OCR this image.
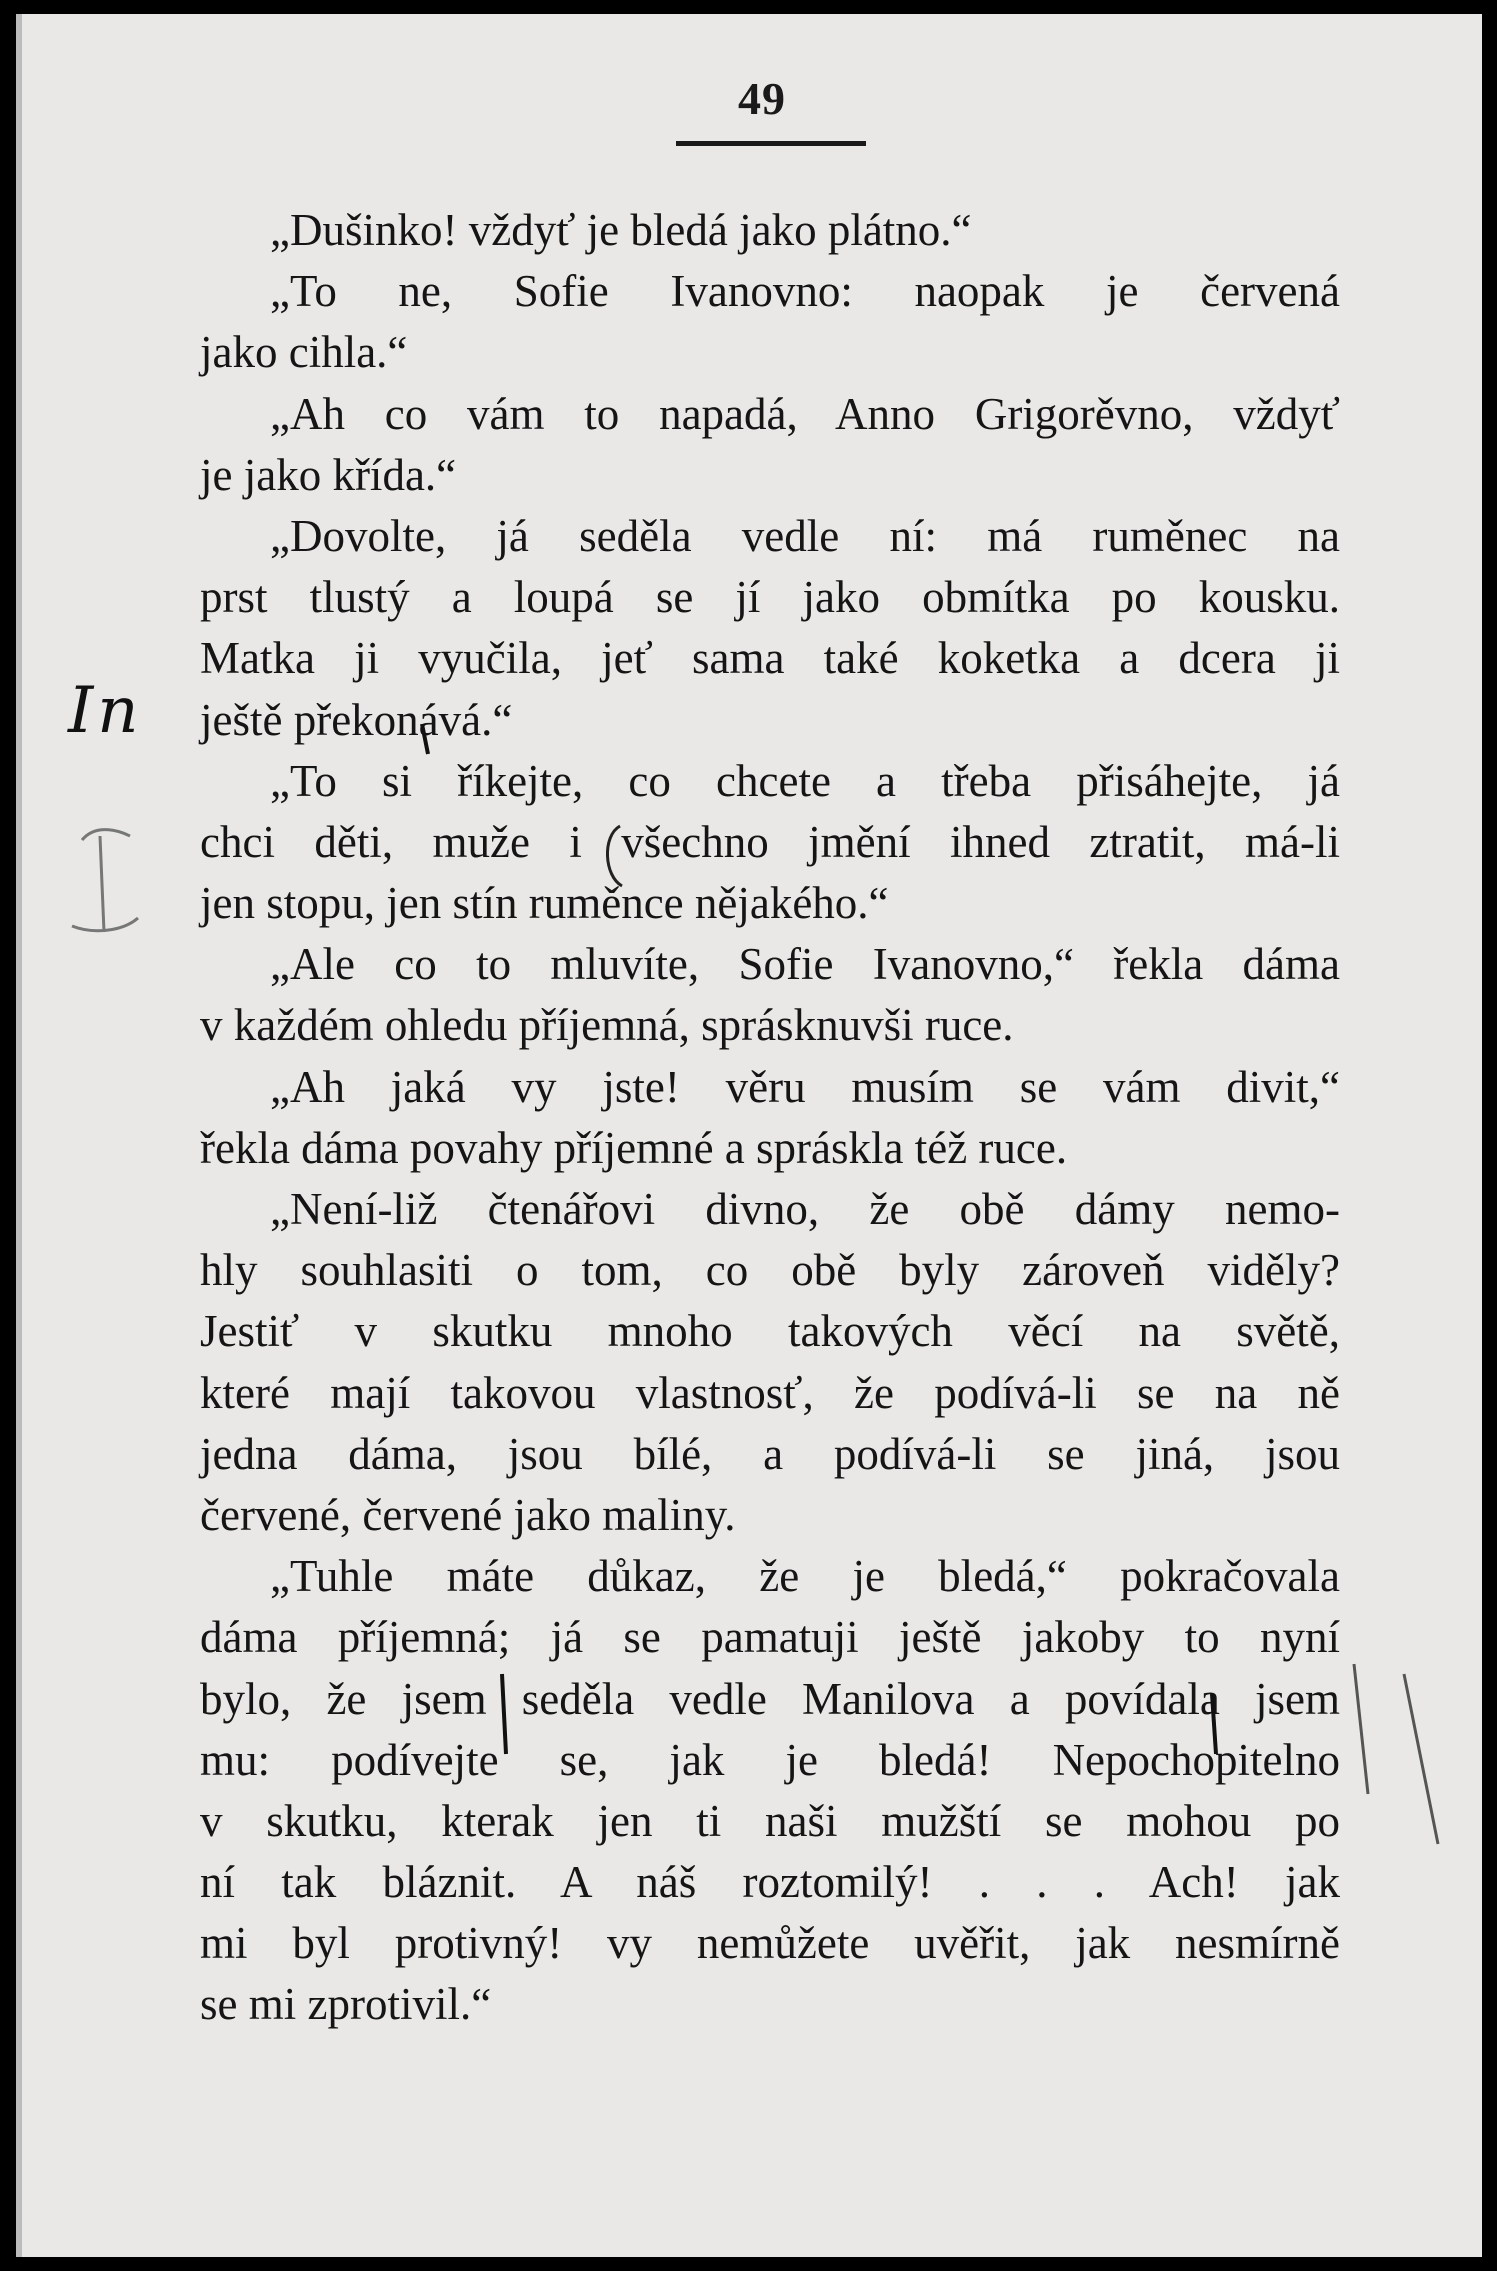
49
„Dušinko! vždyť je bledá jako plátno.“
„To ne, Sofie Ivanovno: naopak je červená
jako cihla.“
„Ah co vám to napadá, Anno Grigorěvno, vždyť
je jako křída.“
„Dovolte, já seděla vedle ní: má ruměnec na
prst tlustý a loupá se jí jako obmítka po kousku.
Matka ji vyučila, jeť sama také koketka a dcera ji
ještě překonává.“
„To si říkejte, co chcete a třeba přisáhejte, já
chci děti, muže i všechno jmění ihned ztratit, má-li
jen stopu, jen stín ruměnce nějakého.“
„Ale co to mluvíte, Sofie Ivanovno,“ řekla dáma
v každém ohledu příjemná, sprásknuvši ruce.
„Ah jaká vy jste! věru musím se vám divit,“
řekla dáma povahy příjemné a spráskla též ruce.
„Není-liž čtenářovi divno, že obě dámy nemo-
hly souhlasiti o tom, co obě byly zároveň viděly?
Jestiť v skutku mnoho takových věcí na světě,
které mají takovou vlastnosť, že podívá-li se na ně
jedna dáma, jsou bílé, a podívá-li se jiná, jsou
červené, červené jako maliny.
„Tuhle máte důkaz, že je bledá,“ pokračovala
dáma příjemná; já se pamatuji ještě jakoby to nyní
bylo, že jsem seděla vedle Manilova a povídala jsem
mu: podívejte se, jak je bledá! Nepochopitelno
v skutku, kterak jen ti naši mužští se mohou po
ní tak bláznit. A náš roztomilý! . . . Ach! jak
mi byl protivný! vy nemůžete uvěřit, jak nesmírně
se mi zprotivil.“
In
